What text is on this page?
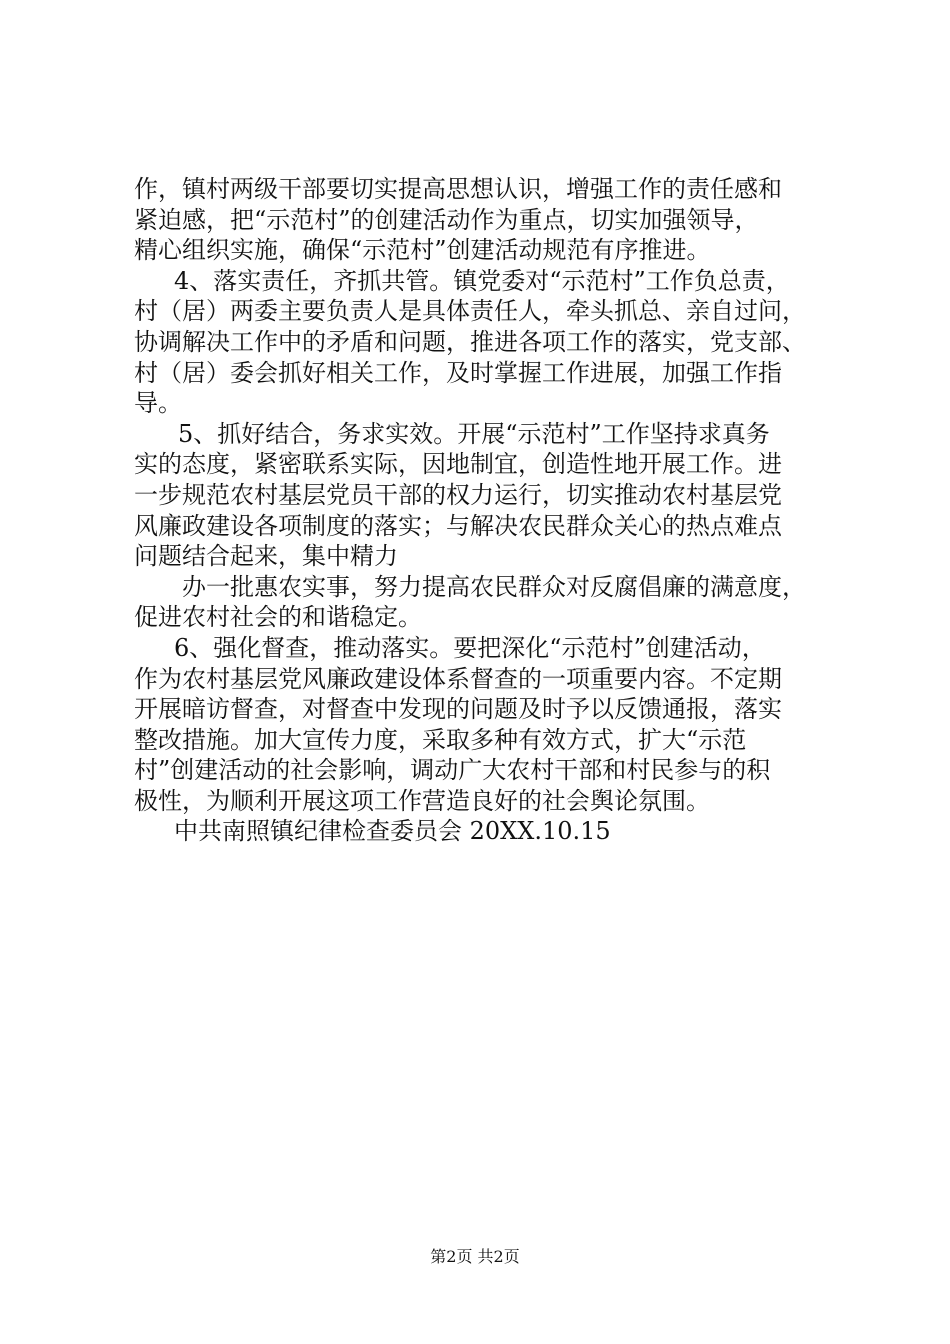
作，镇村两级干部要切实提高思想认识，增强工作的责任感和
紧迫感，把“示范村”的创建活动作为重点，切实加强领导，
精心组织实施，确保“示范村”创建活动规范有序推进。
4、落实责任，齐抓共管。镇党委对“示范村”工作负总责，
村（居）两委主要负责人是具体责任人，牵头抓总、亲自过问，
协调解决工作中的矛盾和问题，推进各项工作的落实，党支部、
村（居）委会抓好相关工作，及时掌握工作进展，加强工作指
导。
5、抓好结合，务求实效。开展“示范村”工作坚持求真务
实的态度，紧密联系实际，因地制宜，创造性地开展工作。进
一步规范农村基层党员干部的权力运行，切实推动农村基层党
风廉政建设各项制度的落实；与解决农民群众关心的热点难点
问题结合起来，集中精力
办一批惠农实事，努力提高农民群众对反腐倡廉的满意度，
促进农村社会的和谐稳定。
6、强化督查，推动落实。要把深化“示范村”创建活动，
作为农村基层党风廉政建设体系督查的一项重要内容。不定期
开展暗访督查，对督查中发现的问题及时予以反馈通报，落实
整改措施。加大宣传力度，采取多种有效方式，扩大“示范
村”创建活动的社会影响，调动广大农村干部和村民参与的积
极性，为顺利开展这项工作营造良好的社会舆论氛围。
中共南照镇纪律检查委员会 20XX.10.15
第2页 共2页
